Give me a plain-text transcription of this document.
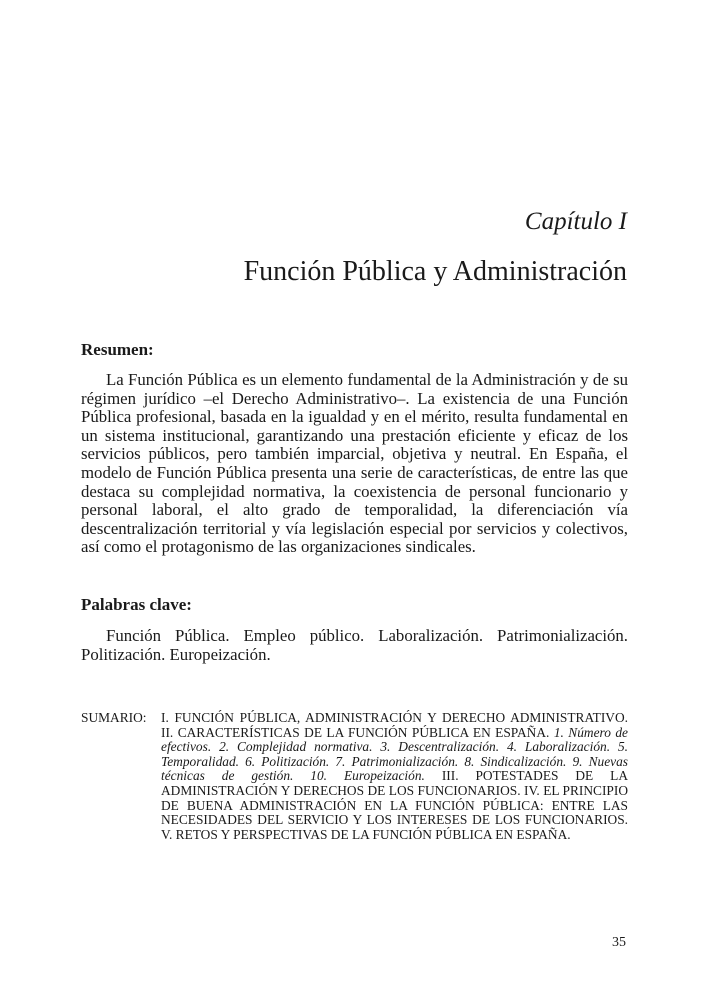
Capítulo I
Función Pública y Administración
Resumen:

La Función Pública es un elemento fundamental de la Administración y de su régimen jurídico –el Derecho Administrativo–. La existencia de una Función Pública profesional, basada en la igualdad y en el mérito, resulta fundamental en un sistema institucional, garantizando una prestación eficiente y eficaz de los servicios públicos, pero también imparcial, objetiva y neutral. En España, el modelo de Función Pública presenta una serie de características, de entre las que destaca su complejidad normativa, la coexistencia de personal funcionario y personal laboral, el alto grado de temporalidad, la diferenciación vía descentralización territorial y vía legislación especial por servicios y colectivos, así como el protagonismo de las organizaciones sindicales.

Palabras clave:

Función Pública. Empleo público. Laboralización. Patrimonialización. Politización. Europeización.

SUMARIO: I. FUNCIÓN PÚBLICA, ADMINISTRACIÓN Y DERECHO ADMINISTRATIVO. II. CARACTERÍSTICAS DE LA FUNCIÓN PÚBLICA EN ESPAÑA. 1. Número de efectivos. 2. Complejidad normativa. 3. Descentralización. 4. Laboralización. 5. Temporalidad. 6. Politización. 7. Patrimonialización. 8. Sindicalización. 9. Nuevas técnicas de gestión. 10. Europeización. III. POTESTADES DE LA ADMINISTRACIÓN Y DERECHOS DE LOS FUNCIONARIOS. IV. EL PRINCIPIO DE BUENA ADMINISTRACIÓN EN LA FUNCIÓN PÚBLICA: ENTRE LAS NECESIDADES DEL SERVICIO Y LOS INTERESES DE LOS FUNCIONARIOS. V. RETOS Y PERSPECTIVAS DE LA FUNCIÓN PÚBLICA EN ESPAÑA.
35
